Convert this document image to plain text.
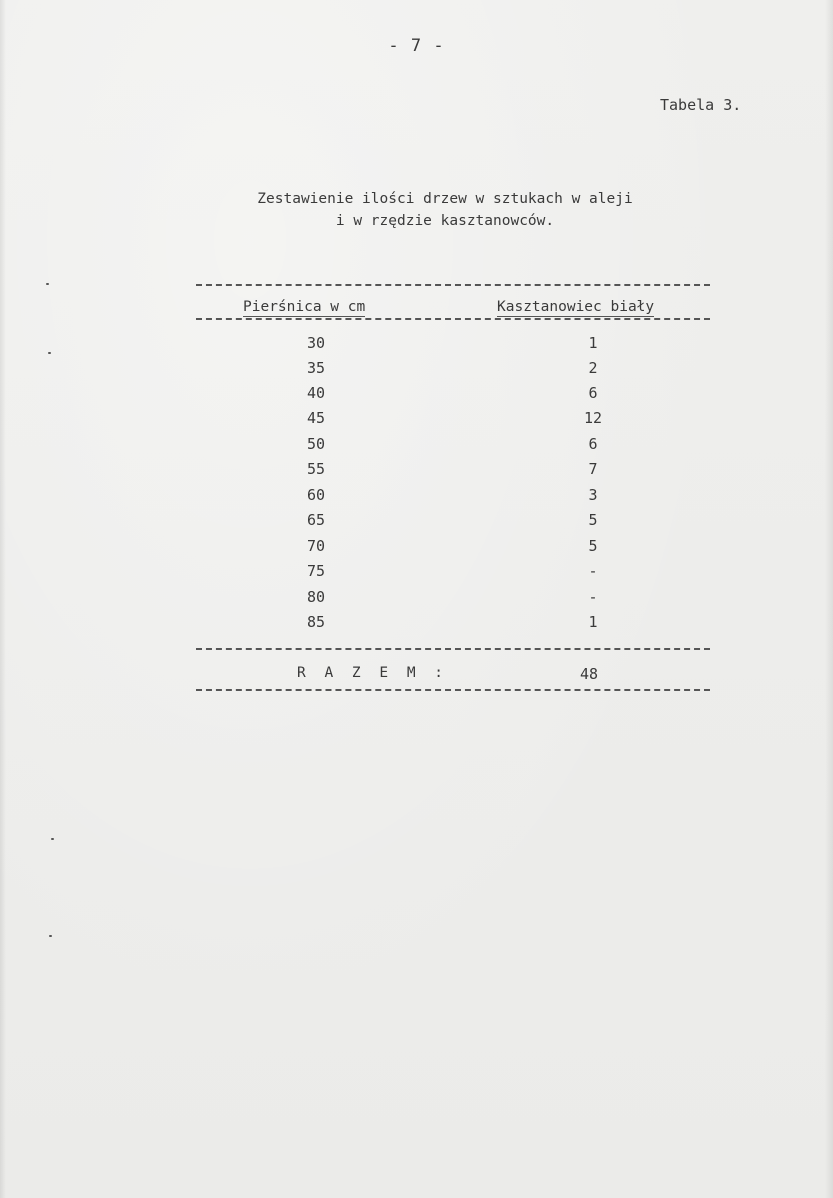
- 7 -
Tabela 3.
Zestawienie ilości drzew w sztukach w aleji
i w rzędzie kasztanowców.
Pierśnica w cm	Kasztanowiec biały
30	1
35	2
40	6
45	12
50	6
55	7
60	3
65	5
70	5
75	-
80	-
85	1
R A Z E M :	48
